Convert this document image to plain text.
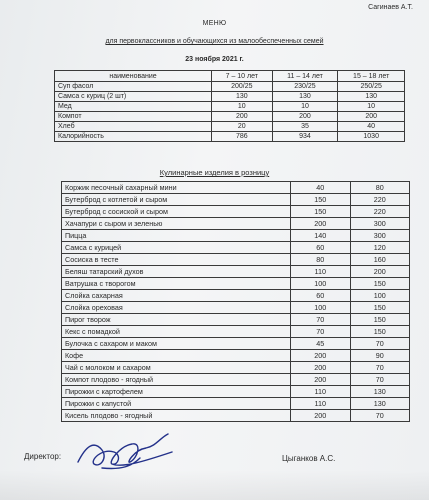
Сагинаев А.Т.
МЕНЮ
для первоклассников и обучающихся из малообеспеченных семей
23 ноября 2021 г.
наименование	7 – 10 лет	11 – 14 лет	15 – 18 лет
Суп фасол	200/25	230/25	250/25
Самса с куриц (2 шт)	130	130	130
Мед	10	10	10
Компот	200	200	200
Хлеб	20	35	40
Калорийность	786	934	1030
Кулинарные изделия в розницу
Коржик песочный сахарный мини	40	80
Бутерброд с котлетой и сыром	150	220
Бутерброд с сосиской и сыром	150	220
Хачапури с сыром и зеленью	200	300
Пицца	140	300
Самса с курицей	60	120
Сосиска в тесте	80	160
Беляш татарский духов	110	200
Ватрушка с творогом	100	150
Слойка сахарная	60	100
Слойка ореховая	100	150
Пирог творож	70	150
Кекс с помадкой	70	150
Булочка с сахаром и маком	45	70
Кофе	200	90
Чай с молоком и сахаром	200	70
Компот плодово - ягодный	200	70
Пирожки с картофелем	110	130
Пирожки с капустой	110	130
Кисель плодово - ягодный	200	70
Директор:	Цыганков А.С.
